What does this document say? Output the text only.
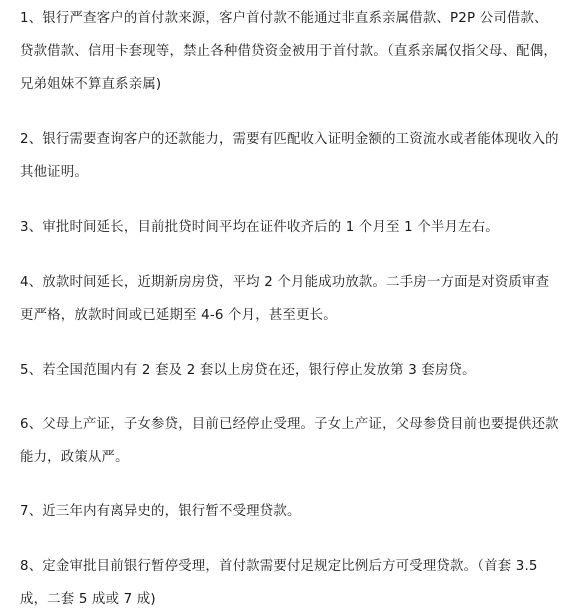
1、银行严查客户的首付款来源，客户首付款不能通过非直系亲属借款、P2P 公司借款、贷款借款、信用卡套现等，禁止各种借贷资金被用于首付款。（直系亲属仅指父母、配偶，兄弟姐妹不算直系亲属)

2、银行需要查询客户的还款能力，需要有匹配收入证明金额的工资流水或者能体现收入的其他证明。

3、审批时间延长，目前批贷时间平均在证件收齐后的 1 个月至 1 个半月左右。

4、放款时间延长，近期新房房贷，平均 2 个月能成功放款。二手房一方面是对资质审查更严格，放款时间或已延期至 4-6 个月，甚至更长。

5、若全国范围内有 2 套及 2 套以上房贷在还，银行停止发放第 3 套房贷。

6、父母上产证，子女参贷，目前已经停止受理。子女上产证，父母参贷目前也要提供还款能力，政策从严。

7、近三年内有离异史的，银行暂不受理贷款。

8、定金审批目前银行暂停受理，首付款需要付足规定比例后方可受理贷款。（首套 3.5 成，二套 5 成或 7 成)
